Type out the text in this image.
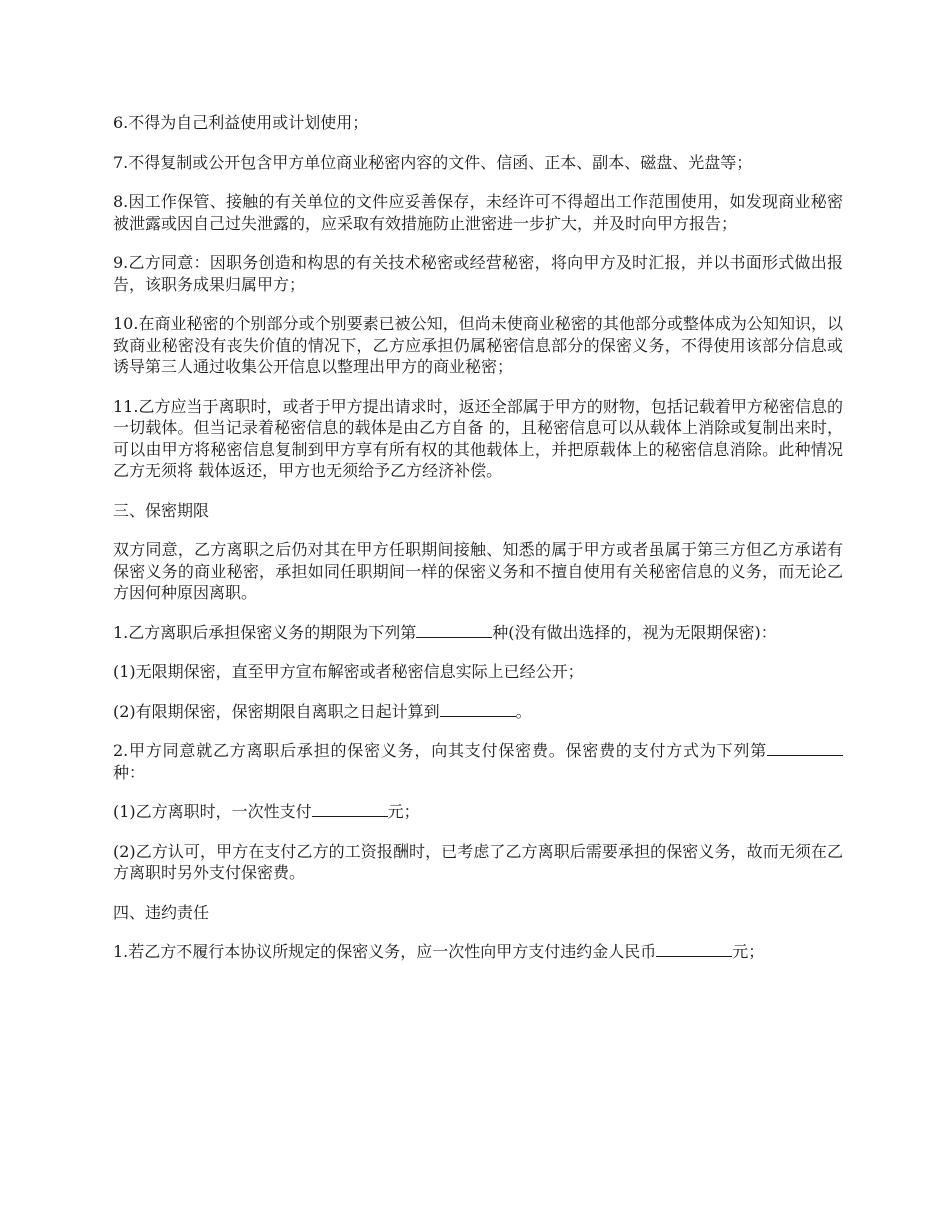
6.不得为自己利益使用或计划使用；

7.不得复制或公开包含甲方单位商业秘密内容的文件、信函、正本、副本、磁盘、光盘等；

8.因工作保管、接触的有关单位的文件应妥善保存，未经许可不得超出工作范围使用，如发现商业秘密被泄露或因自己过失泄露的，应采取有效措施防止泄密进一步扩大，并及时向甲方报告；

9.乙方同意：因职务创造和构思的有关技术秘密或经营秘密，将向甲方及时汇报，并以书面形式做出报告，该职务成果归属甲方；

10.在商业秘密的个别部分或个别要素已被公知，但尚未使商业秘密的其他部分或整体成为公知知识，以致商业秘密没有丧失价值的情况下，乙方应承担仍属秘密信息部分的保密义务，不得使用该部分信息或诱导第三人通过收集公开信息以整理出甲方的商业秘密；

11.乙方应当于离职时，或者于甲方提出请求时，返还全部属于甲方的财物，包括记载着甲方秘密信息的一切载体。但当记录着秘密信息的载体是由乙方自备 的，且秘密信息可以从载体上消除或复制出来时，可以由甲方将秘密信息复制到甲方享有所有权的其他载体上，并把原载体上的秘密信息消除。此种情况乙方无须将 载体返还，甲方也无须给予乙方经济补偿。

三、保密期限

双方同意，乙方离职之后仍对其在甲方任职期间接触、知悉的属于甲方或者虽属于第三方但乙方承诺有保密义务的商业秘密，承担如同任职期间一样的保密义务和不擅自使用有关秘密信息的义务，而无论乙方因何种原因离职。

1.乙方离职后承担保密义务的期限为下列第	种(没有做出选择的，视为无限期保密)：

(1)无限期保密，直至甲方宣布解密或者秘密信息实际上已经公开；

(2)有限期保密，保密期限自离职之日起计算到	。

2.甲方同意就乙方离职后承担的保密义务，向其支付保密费。保密费的支付方式为下列第种：

(1)乙方离职时，一次性支付	元；

(2)乙方认可，甲方在支付乙方的工资报酬时，已考虑了乙方离职后需要承担的保密义务，故而无须在乙方离职时另外支付保密费。

四、违约责任

1.若乙方不履行本协议所规定的保密义务，应一次性向甲方支付违约金人民币	元；
